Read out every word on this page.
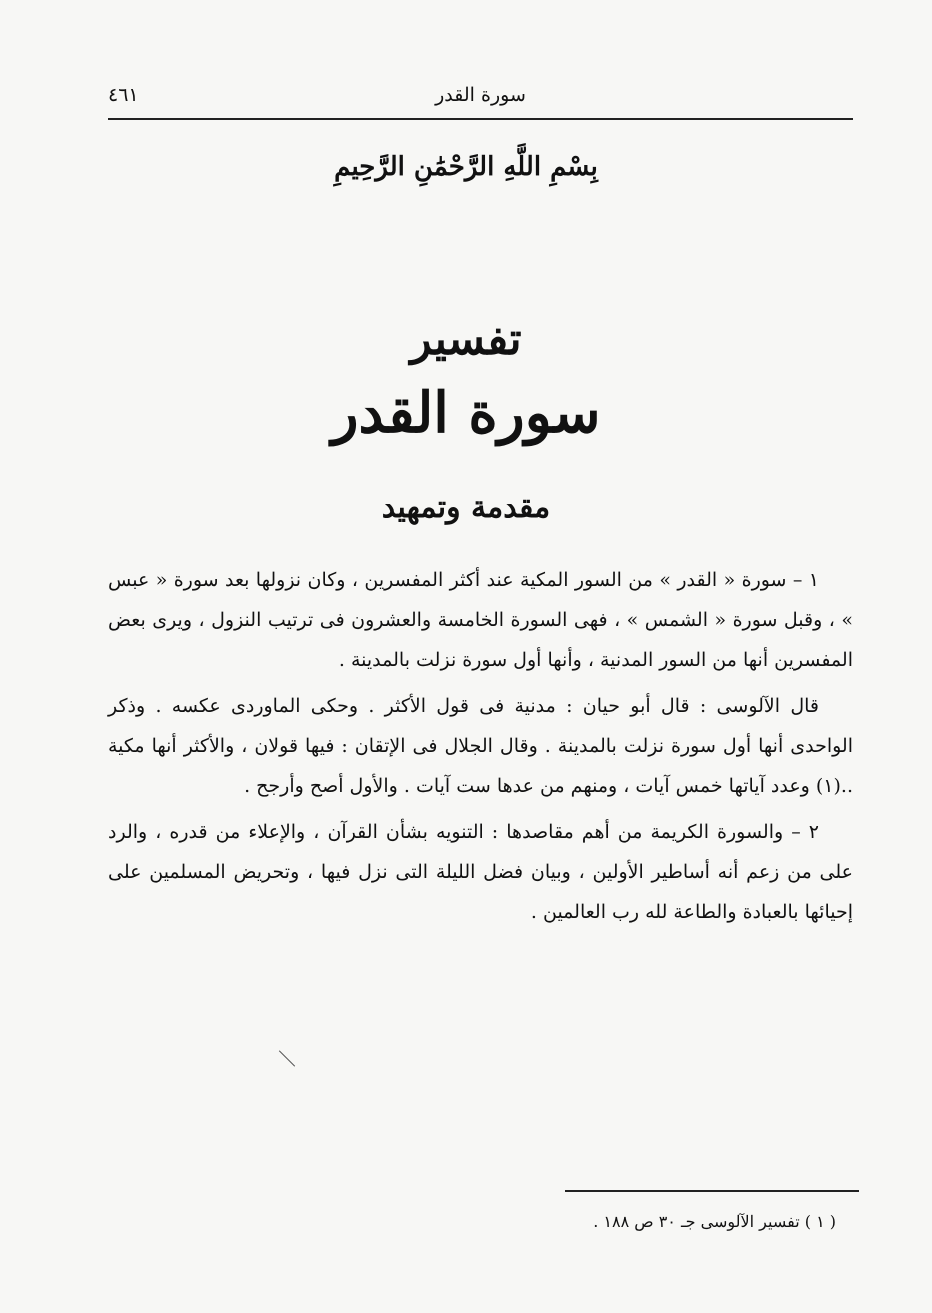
سورة القدر
٤٦١
بِسْمِ اللَّهِ الرَّحْمَٰنِ الرَّحِيمِ
تفسير
سورة القدر
مقدمة وتمهيد

١ – سورة « القدر » من السور المكية عند أكثر المفسرين ، وكان نزولها بعد سورة « عبس » ، وقبل سورة « الشمس » ، فهى السورة الخامسة والعشرون فى ترتيب النزول ، ويرى بعض المفسرين أنها من السور المدنية ، وأنها أول سورة نزلت بالمدينة .

قال الآلوسى : قال أبو حيان : مدنية فى قول الأكثر . وحكى الماوردى عكسه . وذكر الواحدى أنها أول سورة نزلت بالمدينة . وقال الجلال فى الإتقان : فيها قولان ، والأكثر أنها مكية ..(١) وعدد آياتها خمس آيات ، ومنهم من عدها ست آيات . والأول أصح وأرجح .

٢ – والسورة الكريمة من أهم مقاصدها : التنويه بشأن القرآن ، والإعلاء من قدره ، والرد على من زعم أنه أساطير الأولين ، وبيان فضل الليلة التى نزل فيها ، وتحريض المسلمين على إحيائها بالعبادة والطاعة لله رب العالمين .

( ١ ) تفسير الآلوسى جـ ٣٠ ص ١٨٨ .
